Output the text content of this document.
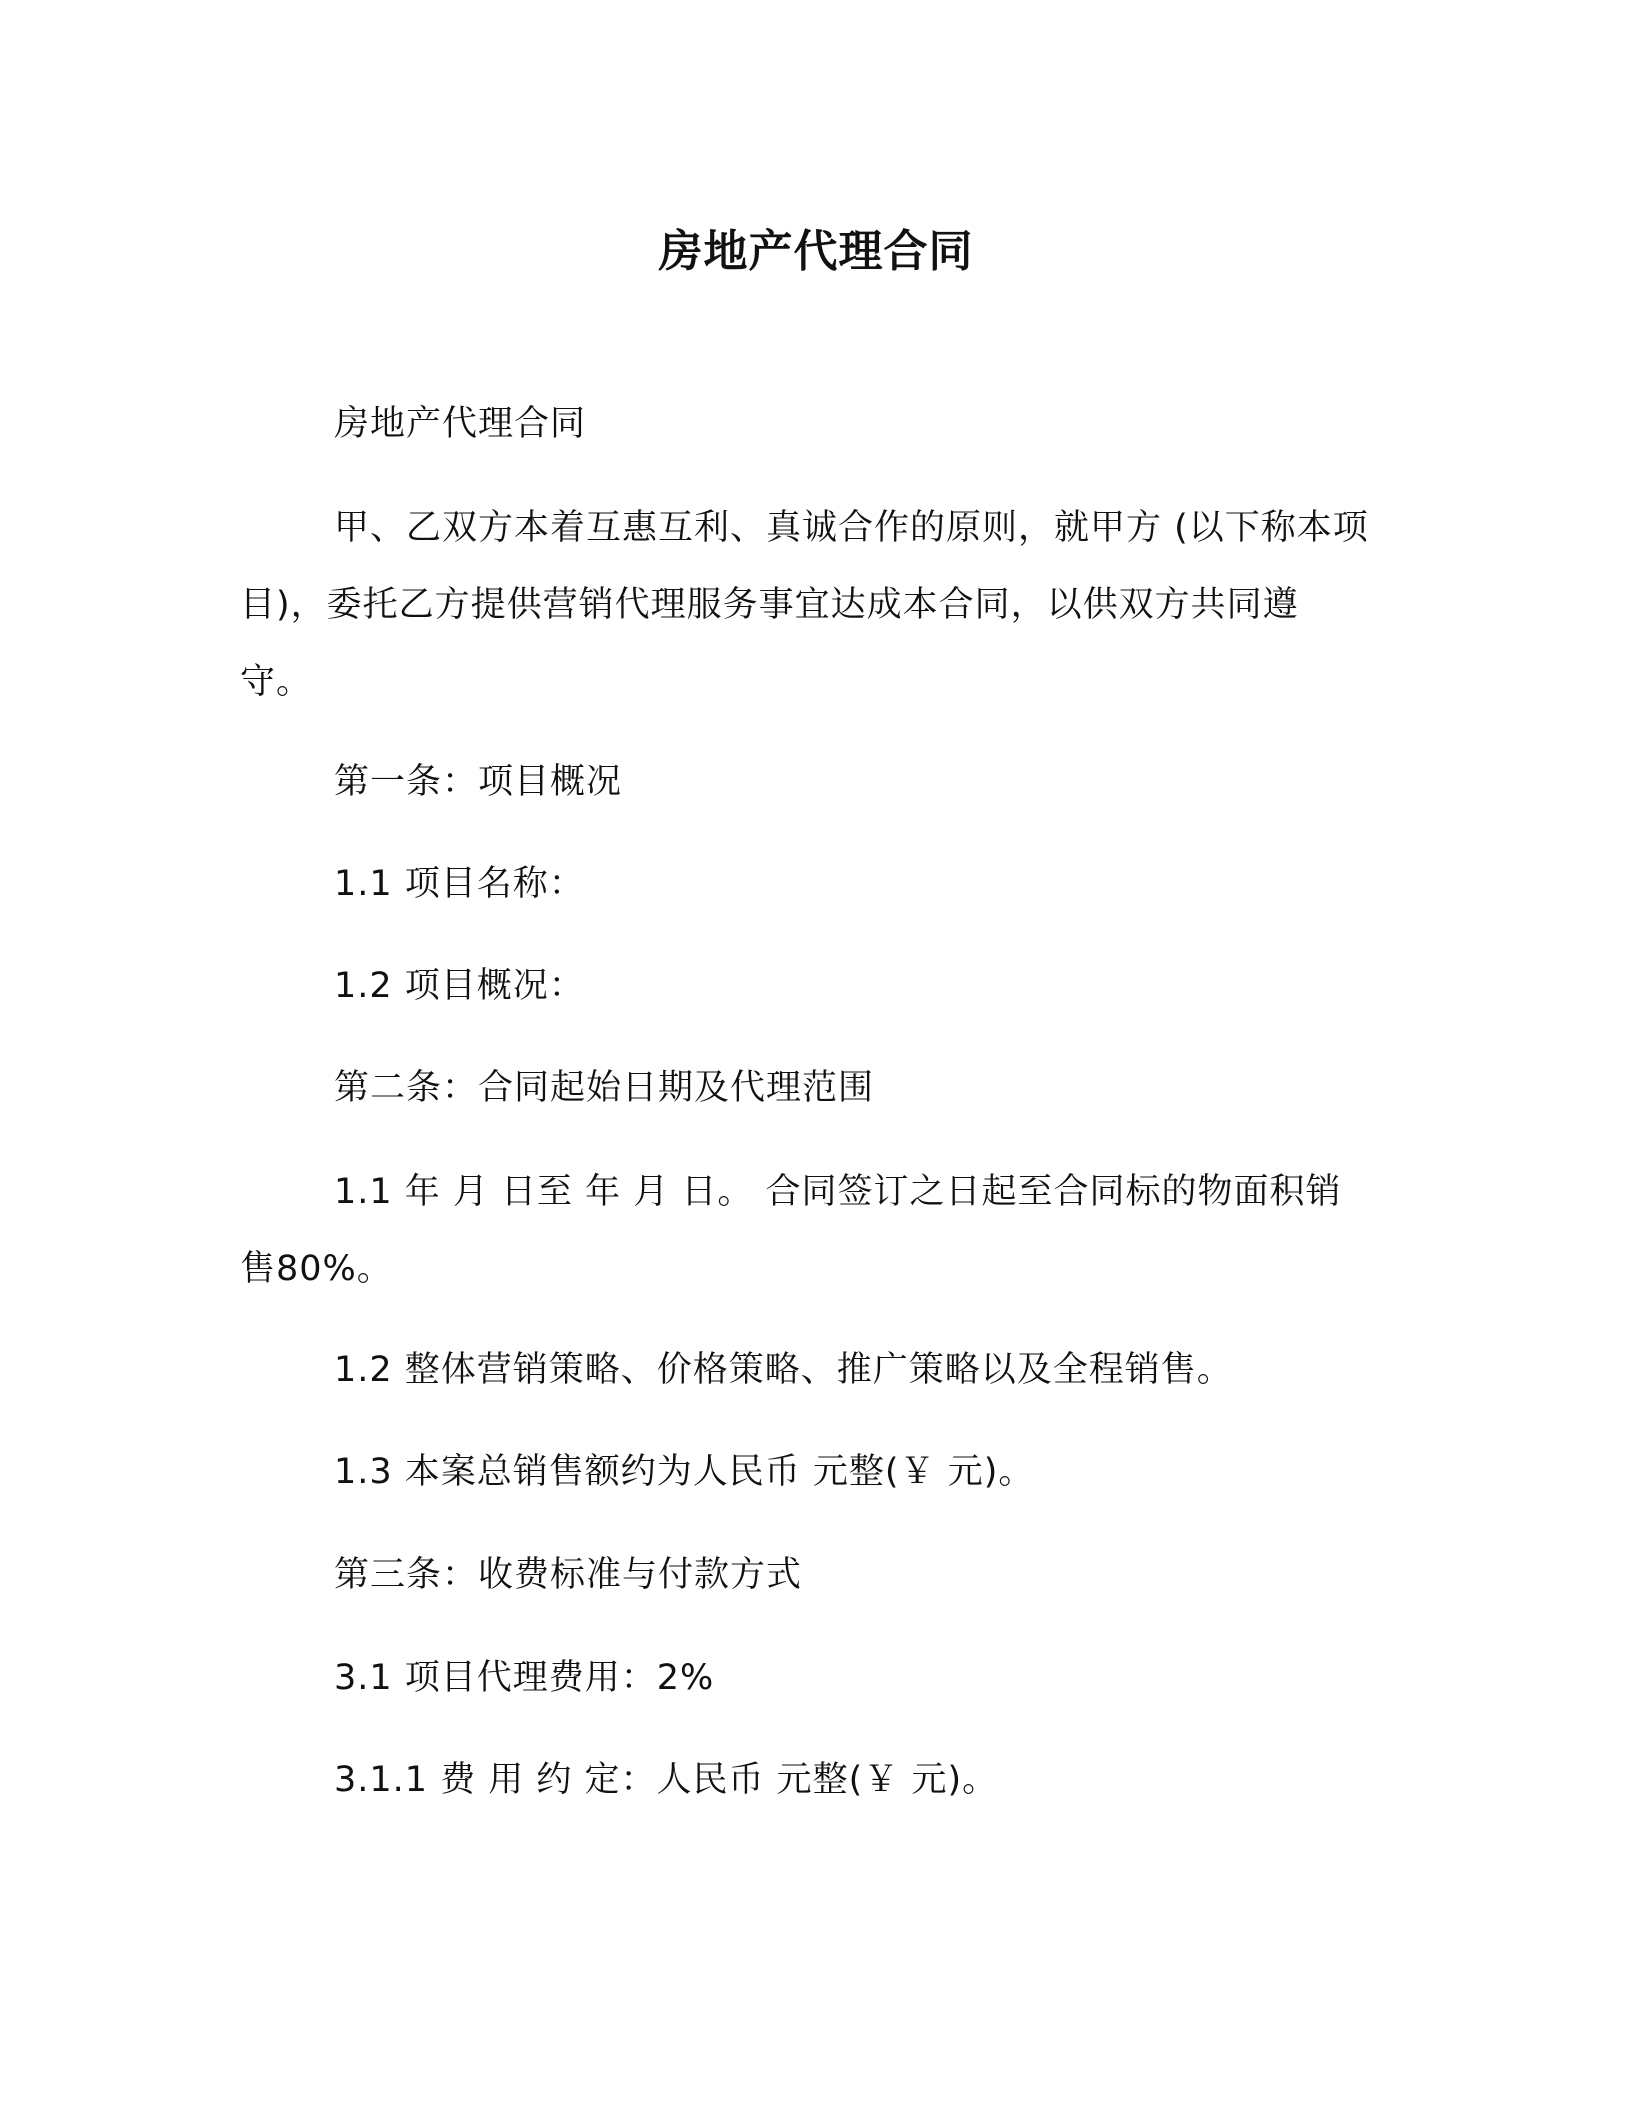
房地产代理合同

房地产代理合同

甲、乙双方本着互惠互利、真诚合作的原则，就甲方 (以下称本项目)，委托乙方提供营销代理服务事宜达成本合同，以供双方共同遵守。

第一条：项目概况

1.1 项目名称：

1.2 项目概况：

第二条：合同起始日期及代理范围

1.1 年 月 日至 年 月 日。 合同签订之日起至合同标的物面积销售80%。

1.2 整体营销策略、价格策略、推广策略以及全程销售。

1.3 本案总销售额约为人民币 元整(￥ 元)。

第三条：收费标准与付款方式

3.1 项目代理费用：2%

3.1.1 费 用 约 定：人民币 元整(￥ 元)。
